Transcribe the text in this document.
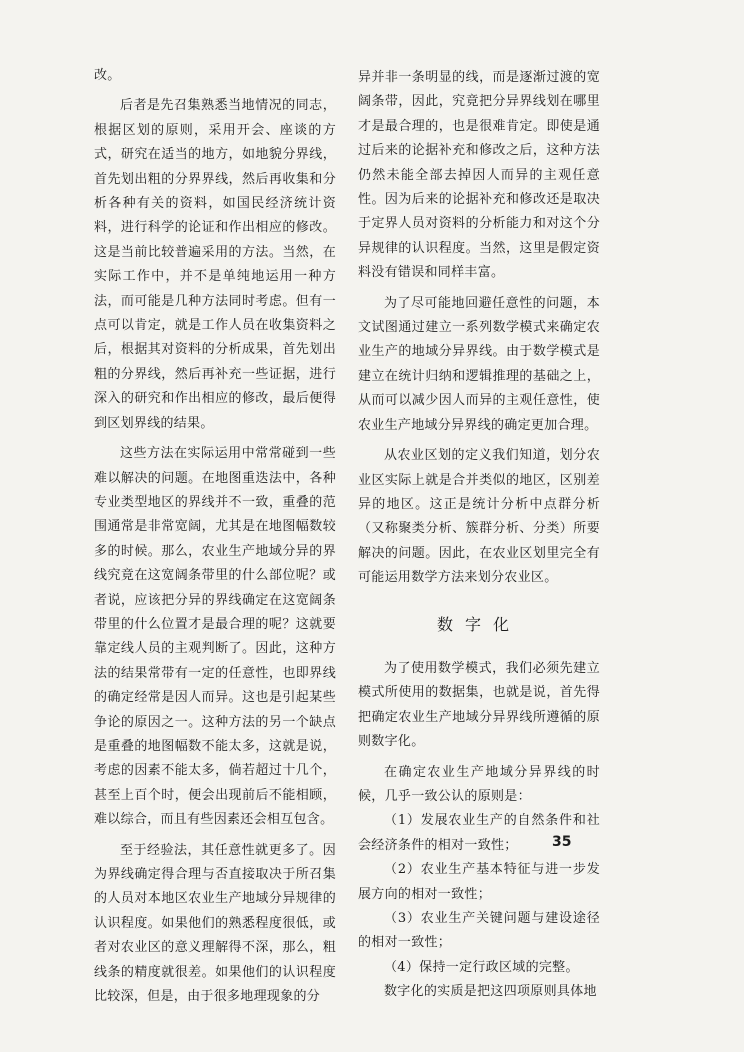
改。

后者是先召集熟悉当地情况的同志，根据区划的原则，采用开会、座谈的方式，研究在适当的地方，如地貌分界线，首先划出粗的分界界线，然后再收集和分析各种有关的资料，如国民经济统计资料，进行科学的论证和作出相应的修改。这是当前比较普遍采用的方法。当然，在实际工作中，并不是单纯地运用一种方法，而可能是几种方法同时考虑。但有一点可以肯定，就是工作人员在收集资料之后，根据其对资料的分析成果，首先划出粗的分界线，然后再补充一些证据，进行深入的研究和作出相应的修改，最后便得到区划界线的结果。

这些方法在实际运用中常常碰到一些难以解决的问题。在地图重迭法中，各种专业类型地区的界线并不一致，重叠的范围通常是非常宽阔，尤其是在地图幅数较多的时候。那么，农业生产地域分异的界线究竟在这宽阔条带里的什么部位呢？或者说，应该把分异的界线确定在这宽阔条带里的什么位置才是最合理的呢？这就要靠定线人员的主观判断了。因此，这种方法的结果常带有一定的任意性，也即界线的确定经常是因人而异。这也是引起某些争论的原因之一。这种方法的另一个缺点是重叠的地图幅数不能太多，这就是说，考虑的因素不能太多，倘若超过十几个，甚至上百个时，便会出现前后不能相顾，难以综合，而且有些因素还会相互包含。

至于经验法，其任意性就更多了。因为界线确定得合理与否直接取决于所召集的人员对本地区农业生产地域分异规律的认识程度。如果他们的熟悉程度很低，或者对农业区的意义理解得不深，那么，粗线条的精度就很差。如果他们的认识程度比较深，但是，由于很多地理现象的分

异并非一条明显的线，而是逐渐过渡的宽阔条带，因此，究竟把分异界线划在哪里才是最合理的，也是很难肯定。即使是通过后来的论据补充和修改之后，这种方法仍然未能全部去掉因人而异的主观任意性。因为后来的论据补充和修改还是取决于定界人员对资料的分析能力和对这个分异规律的认识程度。当然，这里是假定资料没有错误和同样丰富。

为了尽可能地回避任意性的问题，本文试图通过建立一系列数学模式来确定农业生产的地域分异界线。由于数学模式是建立在统计归纳和逻辑推理的基础之上，从而可以减少因人而异的主观任意性，使农业生产地域分异界线的确定更加合理。

从农业区划的定义我们知道，划分农业区实际上就是合并类似的地区，区别差异的地区。这正是统计分析中点群分析（又称聚类分析、簇群分析、分类）所要解决的问题。因此，在农业区划里完全有可能运用数学方法来划分农业区。

数字化

为了使用数学模式，我们必须先建立模式所使用的数据集，也就是说，首先得把确定农业生产地域分异界线所遵循的原则数字化。

在确定农业生产地域分异界线的时候，几乎一致公认的原则是：

（1）发展农业生产的自然条件和社会经济条件的相对一致性；

（2）农业生产基本特征与进一步发展方向的相对一致性；

（3）农业生产关键问题与建设途径的相对一致性；

（4）保持一定行政区域的完整。

数字化的实质是把这四项原则具体地

35
